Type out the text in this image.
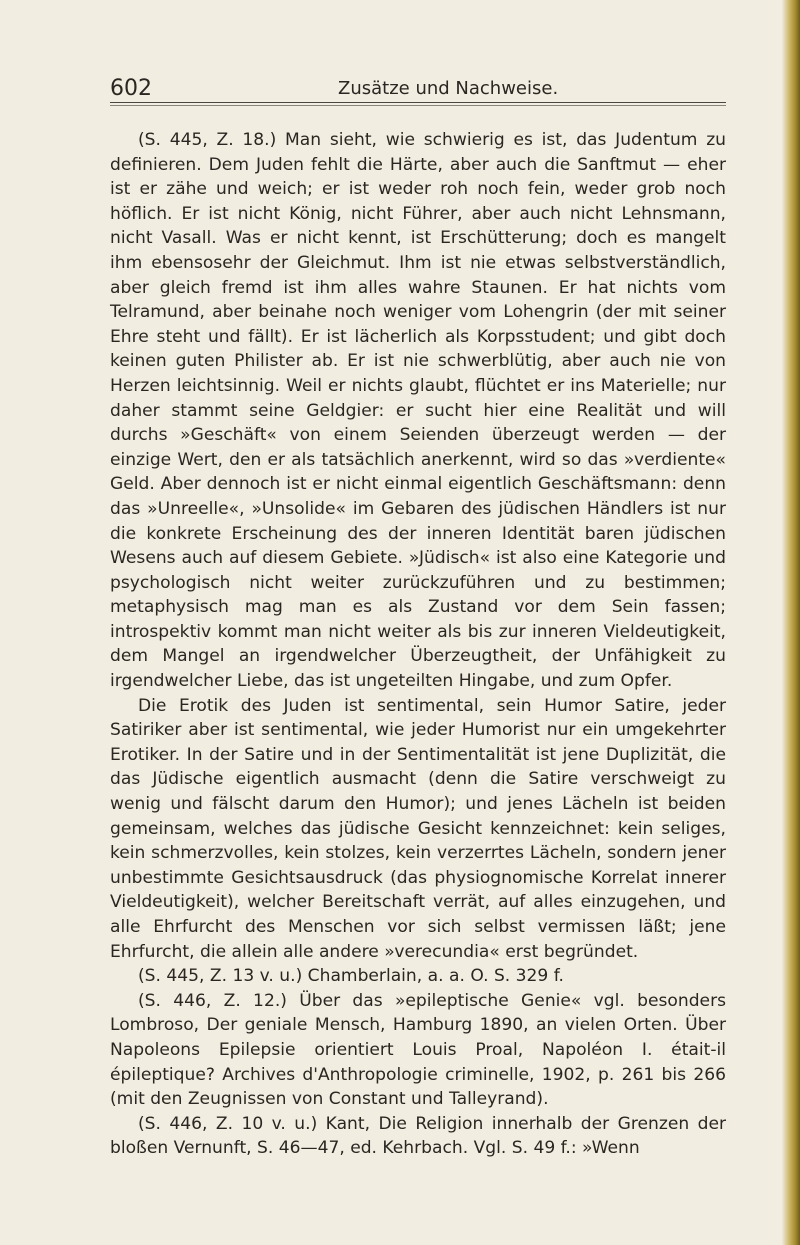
602	Zusätze und Nachweise.

(S. 445, Z. 18.) Man sieht, wie schwierig es ist, das Judentum zu definieren. Dem Juden fehlt die Härte, aber auch die Sanftmut — eher ist er zähe und weich; er ist weder roh noch fein, weder grob noch höflich. Er ist nicht König, nicht Führer, aber auch nicht Lehnsmann, nicht Vasall. Was er nicht kennt, ist Erschütterung; doch es mangelt ihm ebensosehr der Gleichmut. Ihm ist nie etwas selbstverständlich, aber gleich fremd ist ihm alles wahre Staunen. Er hat nichts vom Telramund, aber beinahe noch weniger vom Lohengrin (der mit seiner Ehre steht und fällt). Er ist lächerlich als Korpsstudent; und gibt doch keinen guten Philister ab. Er ist nie schwerblütig, aber auch nie von Herzen leichtsinnig. Weil er nichts glaubt, flüchtet er ins Materielle; nur daher stammt seine Geldgier: er sucht hier eine Realität und will durchs »Geschäft« von einem Seienden überzeugt werden — der einzige Wert, den er als tatsächlich anerkennt, wird so das »verdiente« Geld. Aber dennoch ist er nicht einmal eigentlich Geschäftsmann: denn das »Unreelle«, »Unsolide« im Gebaren des jüdischen Händlers ist nur die konkrete Erscheinung des der inneren Identität baren jüdischen Wesens auch auf diesem Gebiete. »Jüdisch« ist also eine Kategorie und psychologisch nicht weiter zurückzuführen und zu bestimmen; metaphysisch mag man es als Zustand vor dem Sein fassen; introspektiv kommt man nicht weiter als bis zur inneren Vieldeutigkeit, dem Mangel an irgendwelcher Überzeugtheit, der Unfähigkeit zu irgendwelcher Liebe, das ist ungeteilten Hingabe, und zum Opfer.

Die Erotik des Juden ist sentimental, sein Humor Satire, jeder Satiriker aber ist sentimental, wie jeder Humorist nur ein umgekehrter Erotiker. In der Satire und in der Sentimentalität ist jene Duplizität, die das Jüdische eigentlich ausmacht (denn die Satire verschweigt zu wenig und fälscht darum den Humor); und jenes Lächeln ist beiden gemeinsam, welches das jüdische Gesicht kennzeichnet: kein seliges, kein schmerzvolles, kein stolzes, kein verzerrtes Lächeln, sondern jener unbestimmte Gesichtsausdruck (das physiognomische Korrelat innerer Vieldeutigkeit), welcher Bereitschaft verrät, auf alles einzugehen, und alle Ehrfurcht des Menschen vor sich selbst vermissen läßt; jene Ehrfurcht, die allein alle andere »verecundia« erst begründet.

(S. 445, Z. 13 v. u.) Chamberlain, a. a. O. S. 329 f.

(S. 446, Z. 12.) Über das »epileptische Genie« vgl. besonders Lombroso, Der geniale Mensch, Hamburg 1890, an vielen Orten. Über Napoleons Epilepsie orientiert Louis Proal, Napoléon I. était-il épileptique? Archives d'Anthropologie criminelle, 1902, p. 261 bis 266 (mit den Zeugnissen von Constant und Talleyrand).

(S. 446, Z. 10 v. u.) Kant, Die Religion innerhalb der Grenzen der bloßen Vernunft, S. 46—47, ed. Kehrbach. Vgl. S. 49 f.: »Wenn
